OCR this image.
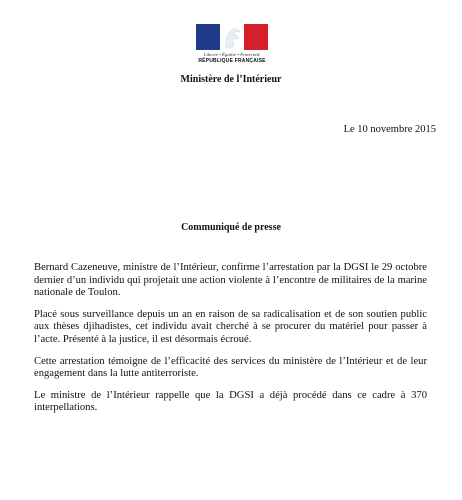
Liberté • Égalité • Fraternité
RÉPUBLIQUE FRANÇAISE
Ministère de l’Intérieur
Le 10 novembre 2015
Communiqué de presse

Bernard Cazeneuve, ministre de l’Intérieur, confirme l’arrestation par la DGSI le 29 octobre dernier d’un individu qui projetait une action violente à l’encontre de militaires de la marine nationale de Toulon.

Placé sous surveillance depuis un an en raison de sa radicalisation et de son soutien public aux thèses djihadistes, cet individu avait cherché à se procurer du matériel pour passer à l’acte. Présenté à la justice, il est désormais écroué.

Cette arrestation témoigne de l’efficacité des services du ministère de l’Intérieur et de leur engagement dans la lutte antiterroriste.

Le ministre de l’Intérieur rappelle que la DGSI a déjà procédé dans ce cadre à 370 interpellations.
